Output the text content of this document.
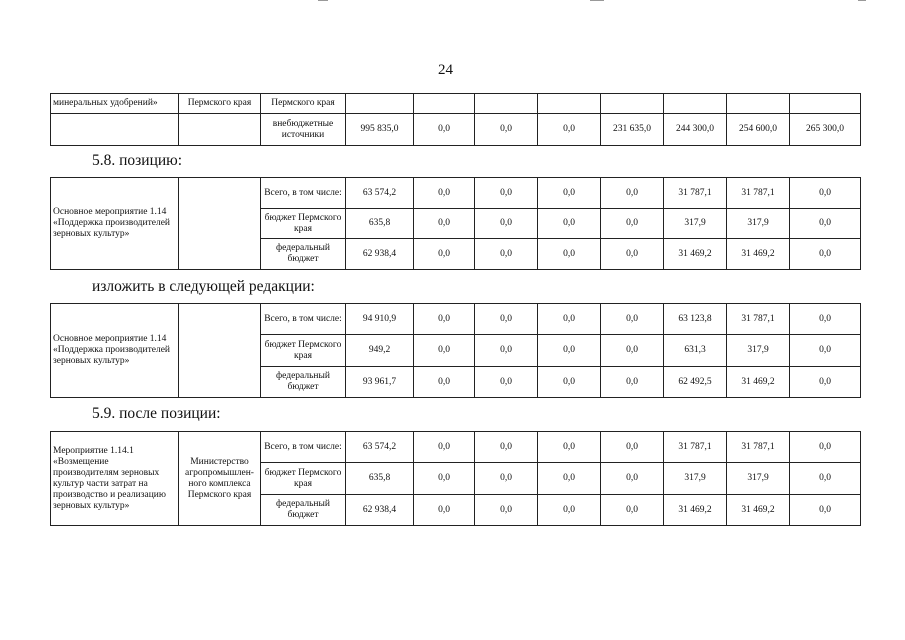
24
минеральных удобрений»	Пермского края	Пермского края								
		внебюджетные источники	995 835,0	0,0	0,0	0,0	231 635,0	244 300,0	254 600,0	265 300,0
5.8. позицию:
Основное мероприятие 1.14 «Поддержка производителей зерновых культур»		Всего, в том числе:	63 574,2	0,0	0,0	0,0	0,0	31 787,1	31 787,1	0,0
		бюджет Пермского края	635,8	0,0	0,0	0,0	0,0	317,9	317,9	0,0
		федеральный бюджет	62 938,4	0,0	0,0	0,0	0,0	31 469,2	31 469,2	0,0
изложить в следующей редакции:
Основное мероприятие 1.14 «Поддержка производителей зерновых культур»		Всего, в том числе:	94 910,9	0,0	0,0	0,0	0,0	63 123,8	31 787,1	0,0
		бюджет Пермского края	949,2	0,0	0,0	0,0	0,0	631,3	317,9	0,0
		федеральный бюджет	93 961,7	0,0	0,0	0,0	0,0	62 492,5	31 469,2	0,0
5.9. после позиции:
Мероприятие 1.14.1 «Возмещение производителям зерновых культур части затрат на производство и реализацию зерновых культур»	Министерство агропромышлен-ного комплекса Пермского края	Всего, в том числе:	63 574,2	0,0	0,0	0,0	0,0	31 787,1	31 787,1	0,0
		бюджет Пермского края	635,8	0,0	0,0	0,0	0,0	317,9	317,9	0,0
		федеральный бюджет	62 938,4	0,0	0,0	0,0	0,0	31 469,2	31 469,2	0,0
